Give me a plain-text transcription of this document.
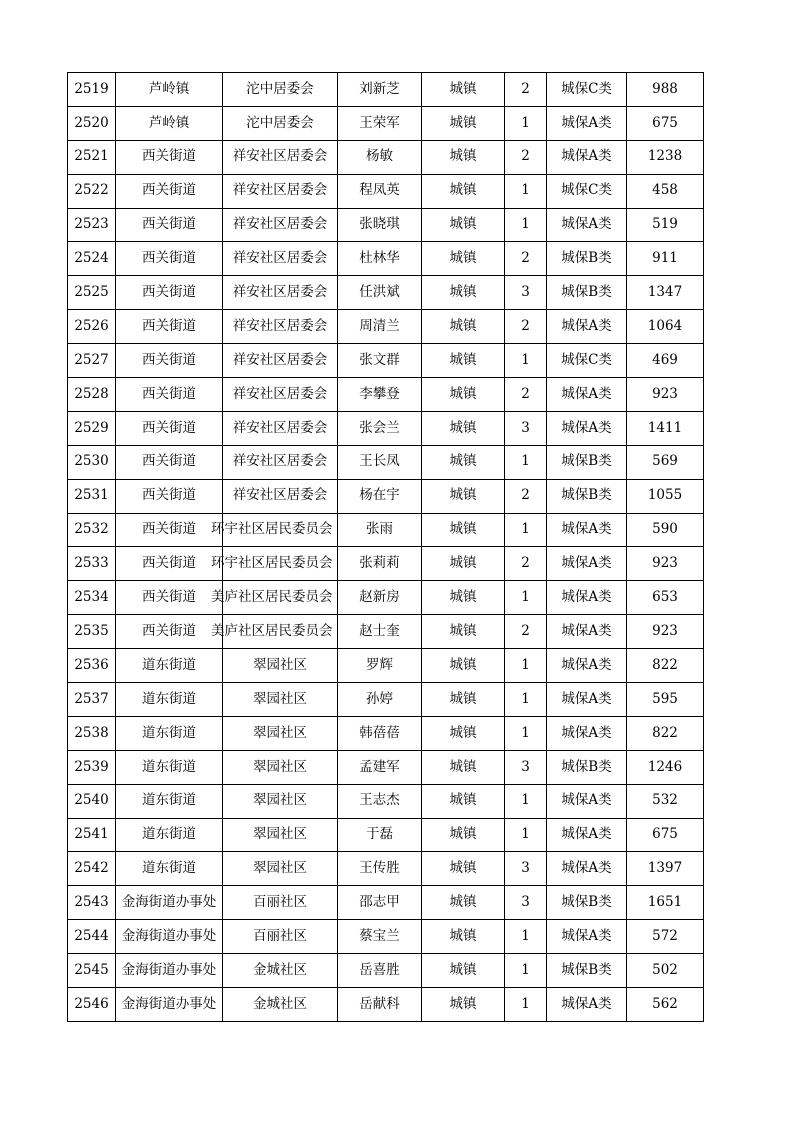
2519	芦岭镇	沱中居委会	刘新芝	城镇	2	城保C类	988
2520	芦岭镇	沱中居委会	王荣军	城镇	1	城保A类	675
2521	西关街道	祥安社区居委会	杨敏	城镇	2	城保A类	1238
2522	西关街道	祥安社区居委会	程凤英	城镇	1	城保C类	458
2523	西关街道	祥安社区居委会	张晓琪	城镇	1	城保A类	519
2524	西关街道	祥安社区居委会	杜林华	城镇	2	城保B类	911
2525	西关街道	祥安社区居委会	任洪斌	城镇	3	城保B类	1347
2526	西关街道	祥安社区居委会	周清兰	城镇	2	城保A类	1064
2527	西关街道	祥安社区居委会	张文群	城镇	1	城保C类	469
2528	西关街道	祥安社区居委会	李攀登	城镇	2	城保A类	923
2529	西关街道	祥安社区居委会	张会兰	城镇	3	城保A类	1411
2530	西关街道	祥安社区居委会	王长凤	城镇	1	城保B类	569
2531	西关街道	祥安社区居委会	杨在宇	城镇	2	城保B类	1055
2532	西关街道	环宇社区居民委员会	张雨	城镇	1	城保A类	590
2533	西关街道	环宇社区居民委员会	张莉莉	城镇	2	城保A类	923
2534	西关街道	美庐社区居民委员会	赵新房	城镇	1	城保A类	653
2535	西关街道	美庐社区居民委员会	赵士奎	城镇	2	城保A类	923
2536	道东街道	翠园社区	罗辉	城镇	1	城保A类	822
2537	道东街道	翠园社区	孙婷	城镇	1	城保A类	595
2538	道东街道	翠园社区	韩蓓蓓	城镇	1	城保A类	822
2539	道东街道	翠园社区	孟建军	城镇	3	城保B类	1246
2540	道东街道	翠园社区	王志杰	城镇	1	城保A类	532
2541	道东街道	翠园社区	于磊	城镇	1	城保A类	675
2542	道东街道	翠园社区	王传胜	城镇	3	城保A类	1397
2543	金海街道办事处	百丽社区	邵志甲	城镇	3	城保B类	1651
2544	金海街道办事处	百丽社区	蔡宝兰	城镇	1	城保A类	572
2545	金海街道办事处	金城社区	岳喜胜	城镇	1	城保B类	502
2546	金海街道办事处	金城社区	岳献科	城镇	1	城保A类	562
